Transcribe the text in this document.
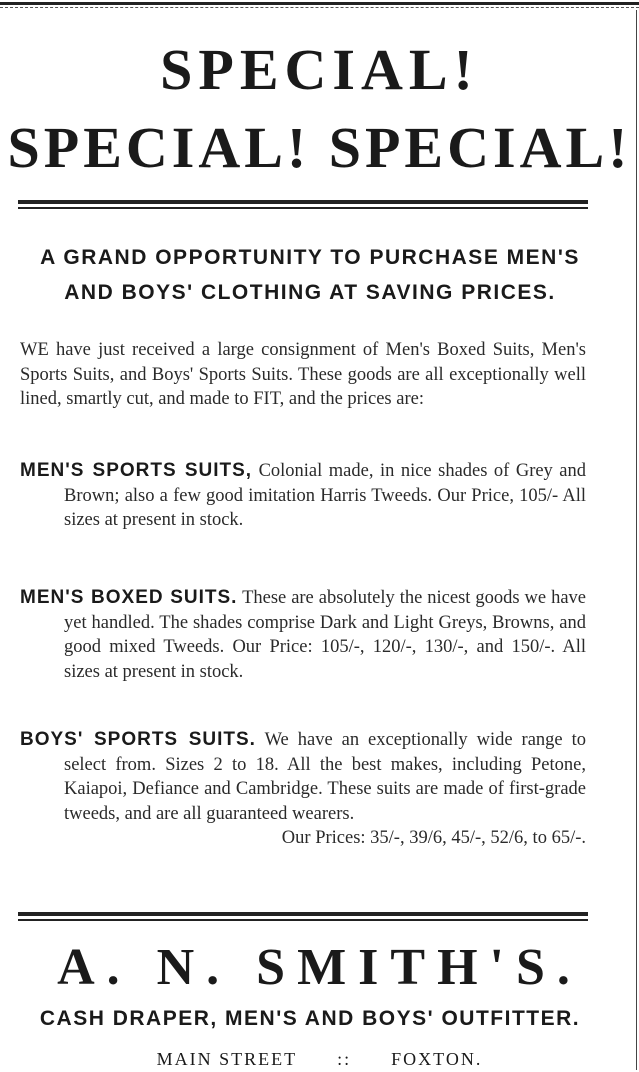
SPECIAL!
SPECIAL! SPECIAL!
A GRAND OPPORTUNITY TO PURCHASE MEN'S
AND BOYS' CLOTHING AT SAVING PRICES.
WE have just received a large consignment of Men's Boxed Suits, Men's Sports Suits, and Boys' Sports Suits. These goods are all exceptionally well lined, smartly cut, and made to FIT, and the prices are:
MEN'S SPORTS SUITS, Colonial made, in nice shades of Grey and Brown; also a few good imitation Harris Tweeds. Our Price, 105/- All sizes at present in stock.
MEN'S BOXED SUITS. These are absolutely the nicest goods we have yet handled. The shades comprise Dark and Light Greys, Browns, and good mixed Tweeds. Our Price: 105/-, 120/-, 130/-, and 150/-. All sizes at present in stock.
BOYS' SPORTS SUITS. We have an exceptionally wide range to select from. Sizes 2 to 18. All the best makes, including Petone, Kaiapoi, Defiance and Cambridge. These suits are made of first-grade tweeds, and are all guaranteed wearers.
Our Prices: 35/-, 39/6, 45/-, 52/6, to 65/-.
A. N. SMITH'S.
CASH DRAPER, MEN'S AND BOYS' OUTFITTER.
MAIN STREET :: FOXTON.
